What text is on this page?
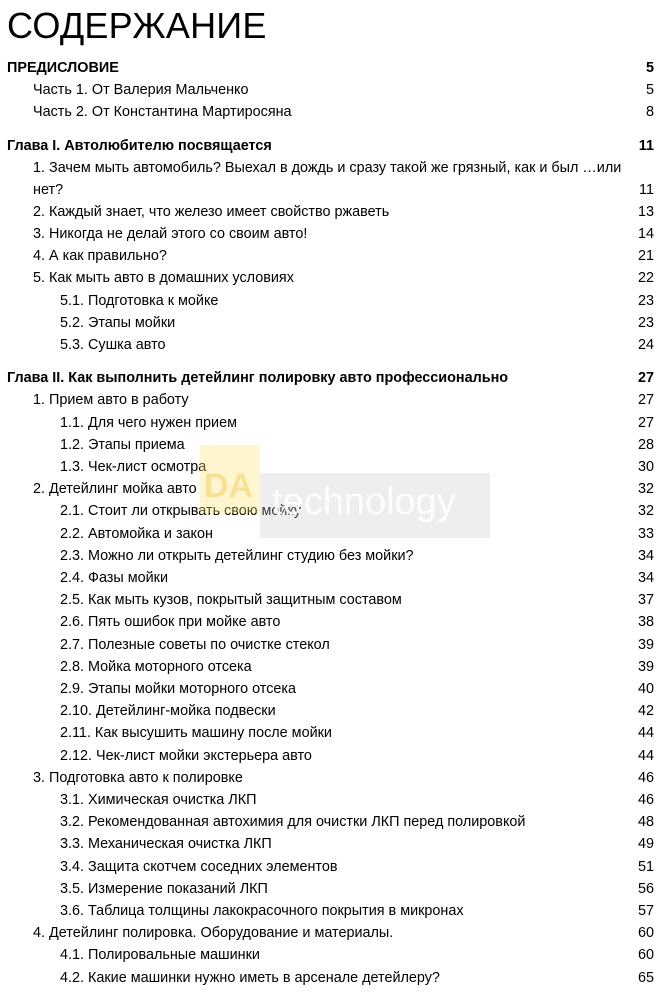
СОДЕРЖАНИЕ
ПРЕДИСЛОВИЕ	5
Часть 1. От Валерия Мальченко	5
Часть 2. От Константина Мартиросяна	8
Глава I. Автолюбителю посвящается	11
1. Зачем мыть автомобиль? Выехал в дождь и сразу такой же грязный, как и был …или нет?	11
2. Каждый знает, что железо имеет свойство ржаветь	13
3. Никогда не делай этого со своим авто!	14
4. А как правильно?	21
5. Как мыть авто в домашних условиях	22
5.1. Подготовка к мойке	23
5.2. Этапы мойки	23
5.3. Сушка авто	24
Глава II. Как выполнить детейлинг полировку авто профессионально	27
1. Прием авто в работу	27
1.1. Для чего нужен прием	27
1.2. Этапы приема	28
1.3. Чек-лист осмотра	30
2. Детейлинг мойка авто	32
2.1. Стоит ли открывать свою мойку	32
2.2. Автомойка и закон	33
2.3. Можно ли открыть детейлинг студию без мойки?	34
2.4. Фазы мойки	34
2.5. Как мыть кузов, покрытый защитным составом	37
2.6. Пять ошибок при мойке авто	38
2.7. Полезные советы по очистке стекол	39
2.8. Мойка моторного отсека	39
2.9. Этапы мойки моторного отсека	40
2.10. Детейлинг-мойка подвески	42
2.11. Как высушить машину после мойки	44
2.12. Чек-лист мойки экстерьера авто	44
3. Подготовка авто к полировке	46
3.1. Химическая очистка ЛКП	46
3.2. Рекомендованная автохимия для очистки ЛКП перед полировкой	48
3.3. Механическая очистка ЛКП	49
3.4. Защита скотчем соседних элементов	51
3.5. Измерение показаний ЛКП	56
3.6. Таблица толщины лакокрасочного покрытия в микронах	57
4. Детейлинг полировка. Оборудование и материалы.	60
4.1. Полировальные машинки	60
4.2. Какие машинки нужно иметь в арсенале детейлеру?	65
DA technology
